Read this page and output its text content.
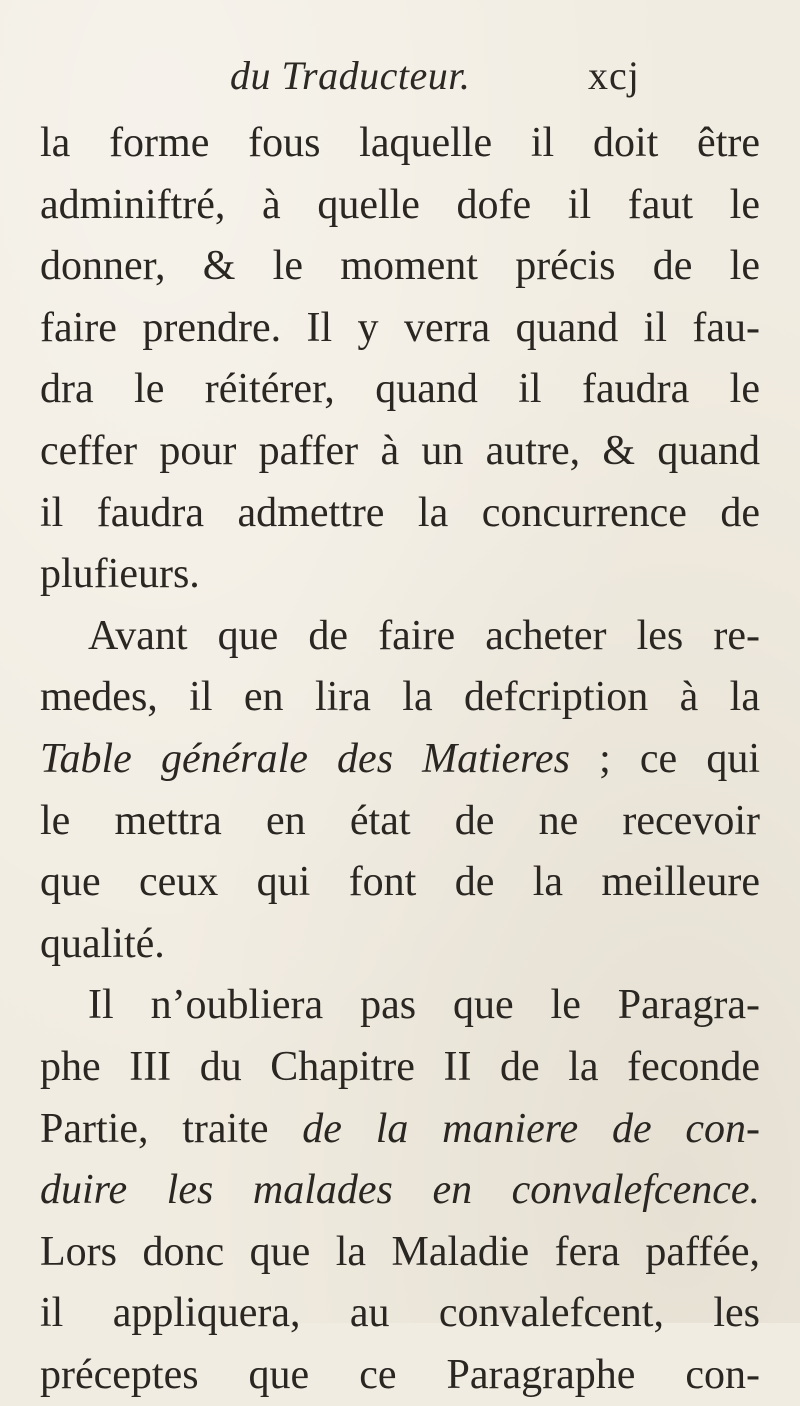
du Traducteur.	xcj
la forme fous laquelle il doit être
adminiftré, à quelle dofe il faut le
donner, & le moment précis de le
faire prendre. Il y verra quand il fau-
dra le réitérer, quand il faudra le
ceffer pour paffer à un autre, & quand
il faudra admettre la concurrence de
plufieurs.
Avant que de faire acheter les re-
medes, il en lira la defcription à la
Table générale des Matieres ; ce qui
le mettra en état de ne recevoir
que ceux qui font de la meilleure
qualité.
Il n’oubliera pas que le Paragra-
phe III du Chapitre II de la feconde
Partie, traite de la maniere de con-
duire les malades en convalefcence.
Lors donc que la Maladie fera paffée,
il appliquera, au convalefcent, les
préceptes que ce Paragraphe con-
